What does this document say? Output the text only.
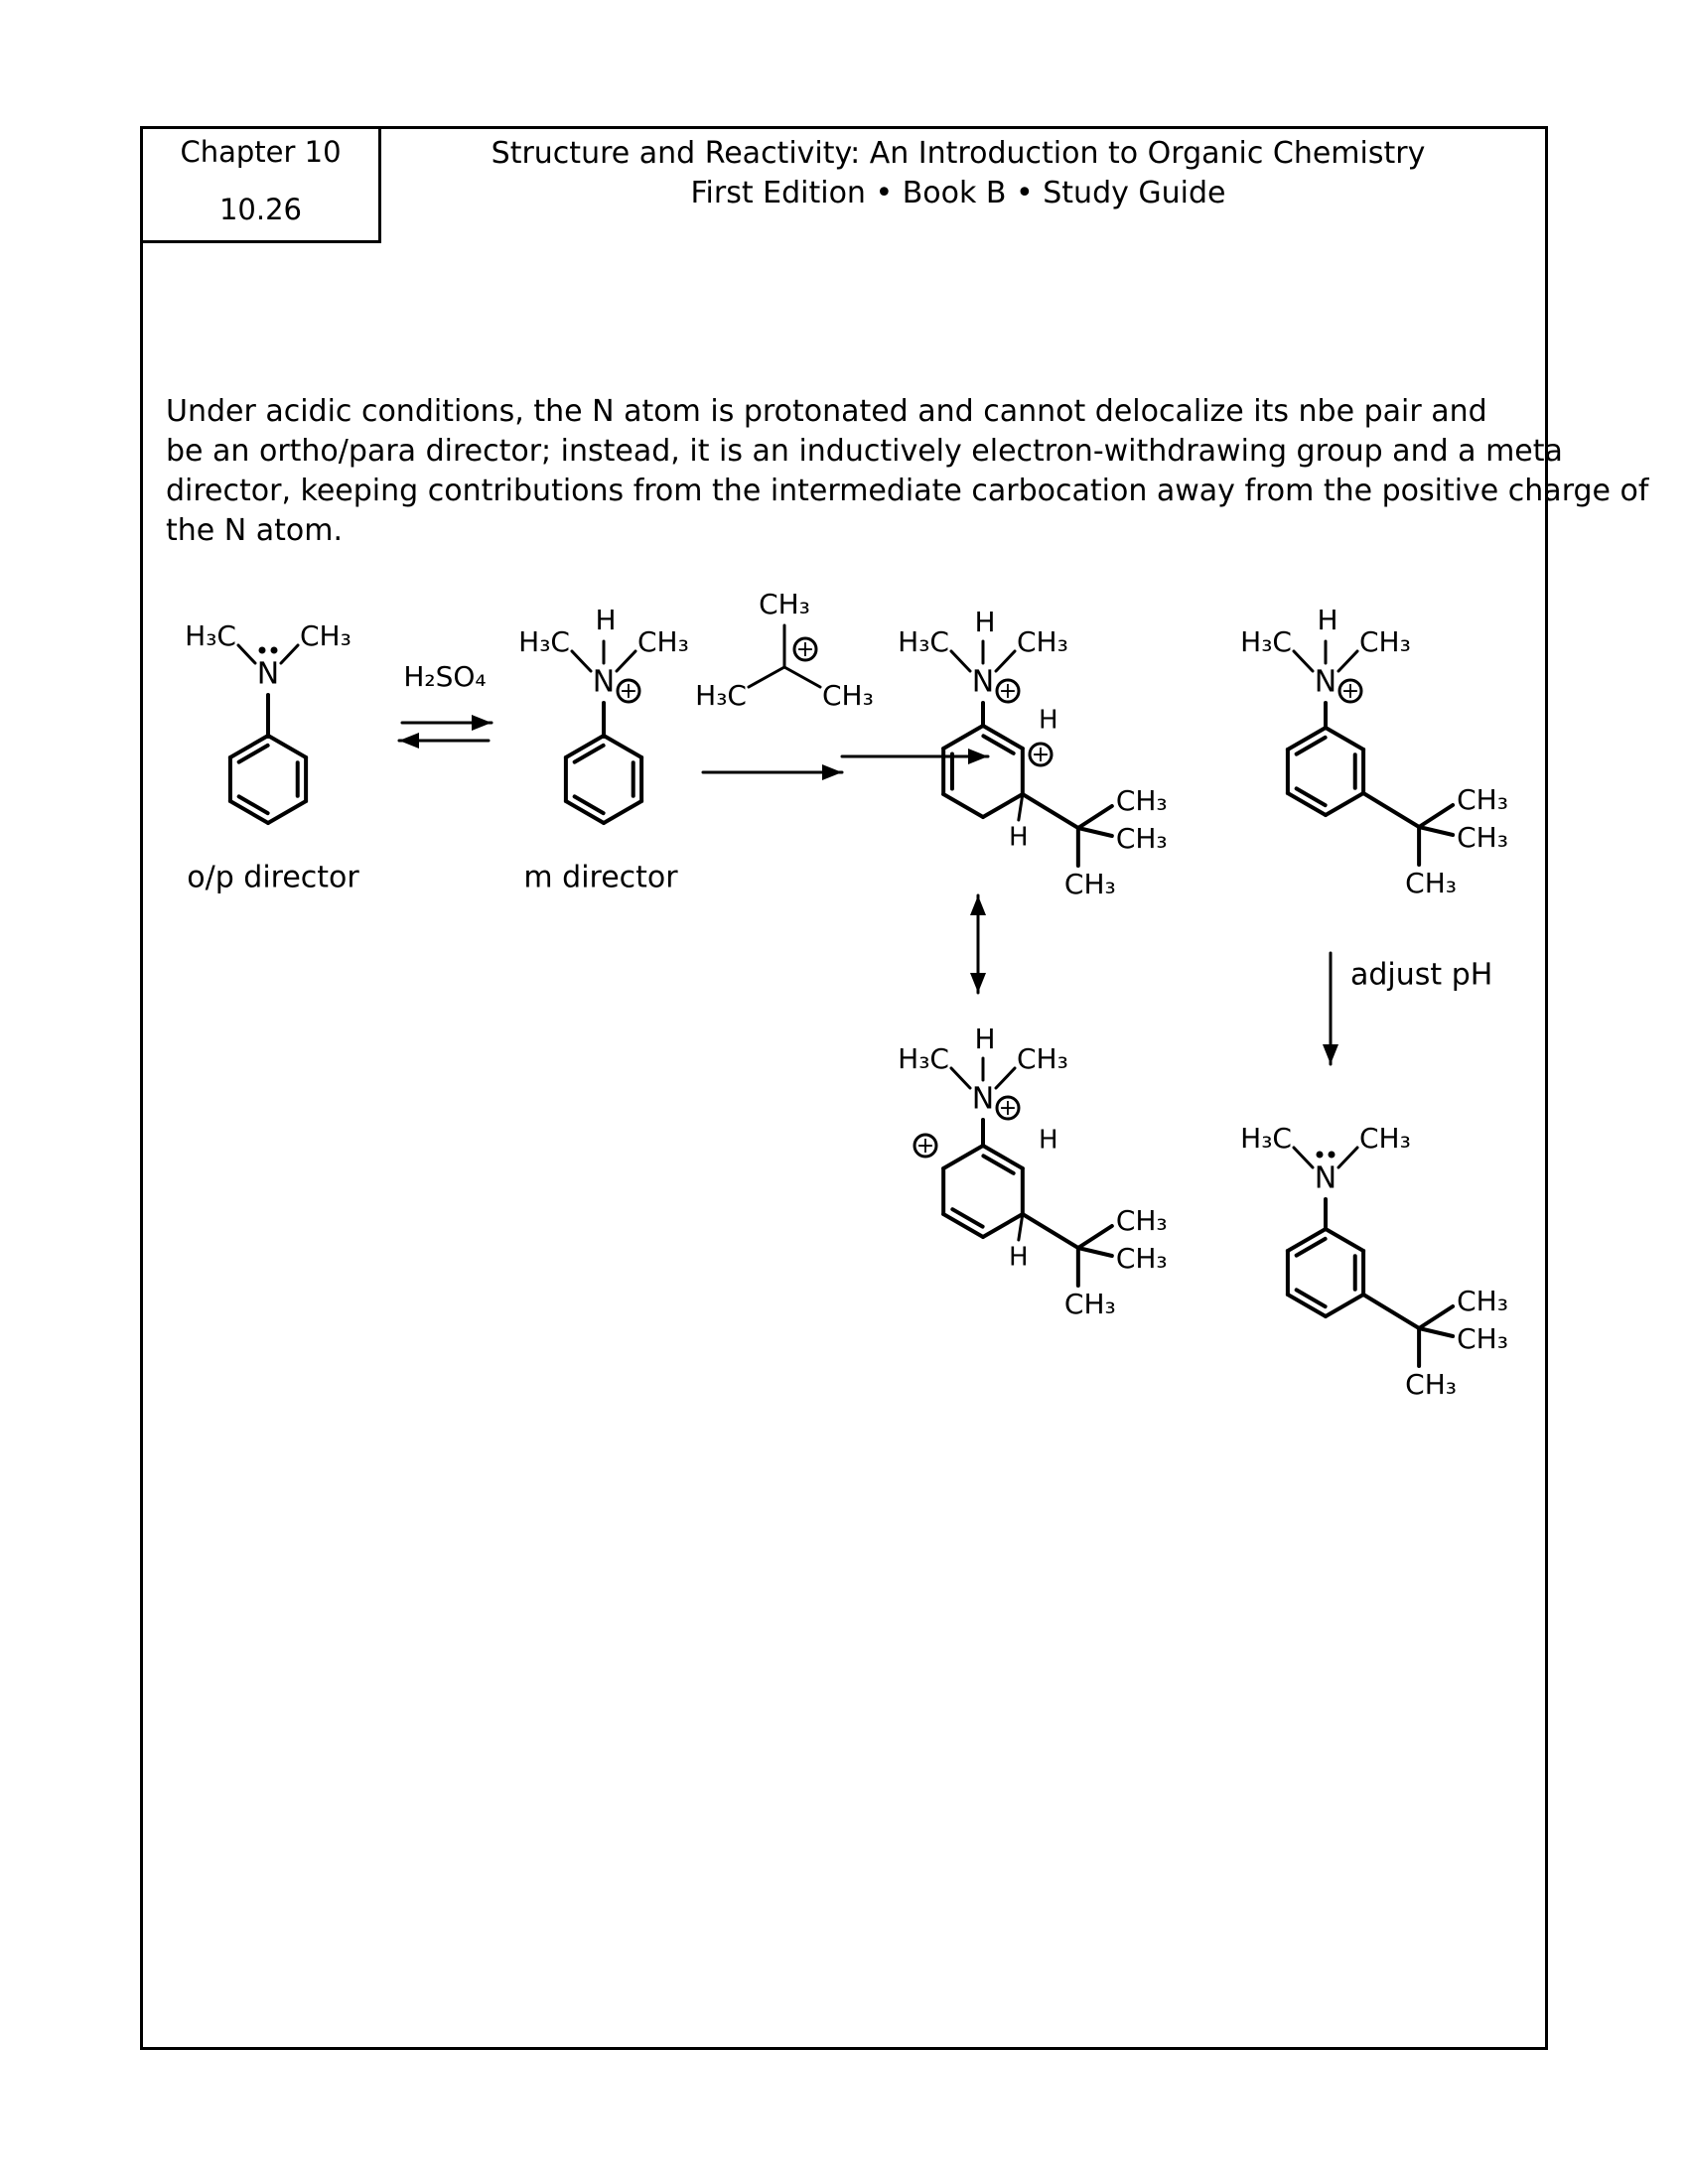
Chapter 10
10.26
Structure and Reactivity: An Introduction to Organic Chemistry
First Edition • Book B • Study Guide
Under acidic conditions, the N atom is protonated and cannot delocalize its nbe pair and
be an ortho/para director; instead, it is an inductively electron-withdrawing group and a meta
director, keeping contributions from the intermediate carbocation away from the positive charge of
the N atom.
N
H₃C CH₃
o/p director
H₂SO₄	N +
H
H₃C CH₃
m director
+
CH₃
H₃C	CH₃	N +
H
H₃C CH₃
H
CH₃
CH₃
CH₃
H
+
N +
H
H₃C CH₃
H
CH₃
CH₃
CH₃
H
+
N +
H
H₃C CH₃
CH₃
CH₃
CH₃
adjust pH
N
H₃C CH₃
CH₃
CH₃
CH₃
